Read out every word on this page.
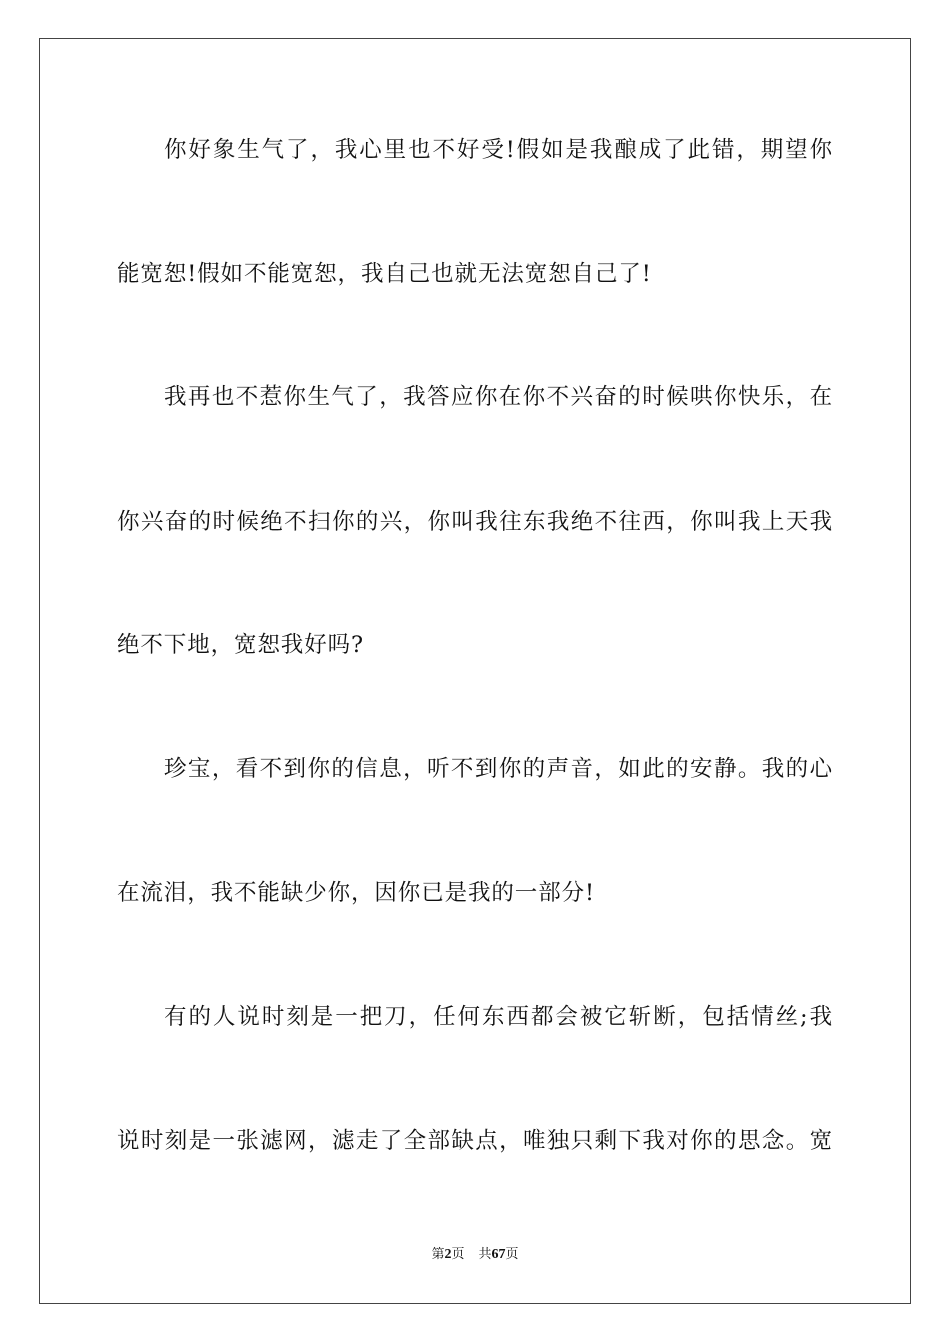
你好象生气了，我心里也不好受!假如是我酿成了此错，期望你
能宽恕!假如不能宽恕，我自己也就无法宽恕自己了!
我再也不惹你生气了，我答应你在你不兴奋的时候哄你快乐，在
你兴奋的时候绝不扫你的兴，你叫我往东我绝不往西，你叫我上天我
绝不下地，宽恕我好吗?
珍宝，看不到你的信息，听不到你的声音，如此的安静。我的心
在流泪，我不能缺少你，因你已是我的一部分!
有的人说时刻是一把刀，任何东西都会被它斩断，包括情丝;我
说时刻是一张滤网，滤走了全部缺点，唯独只剩下我对你的思念。宽
第2页 共67页
